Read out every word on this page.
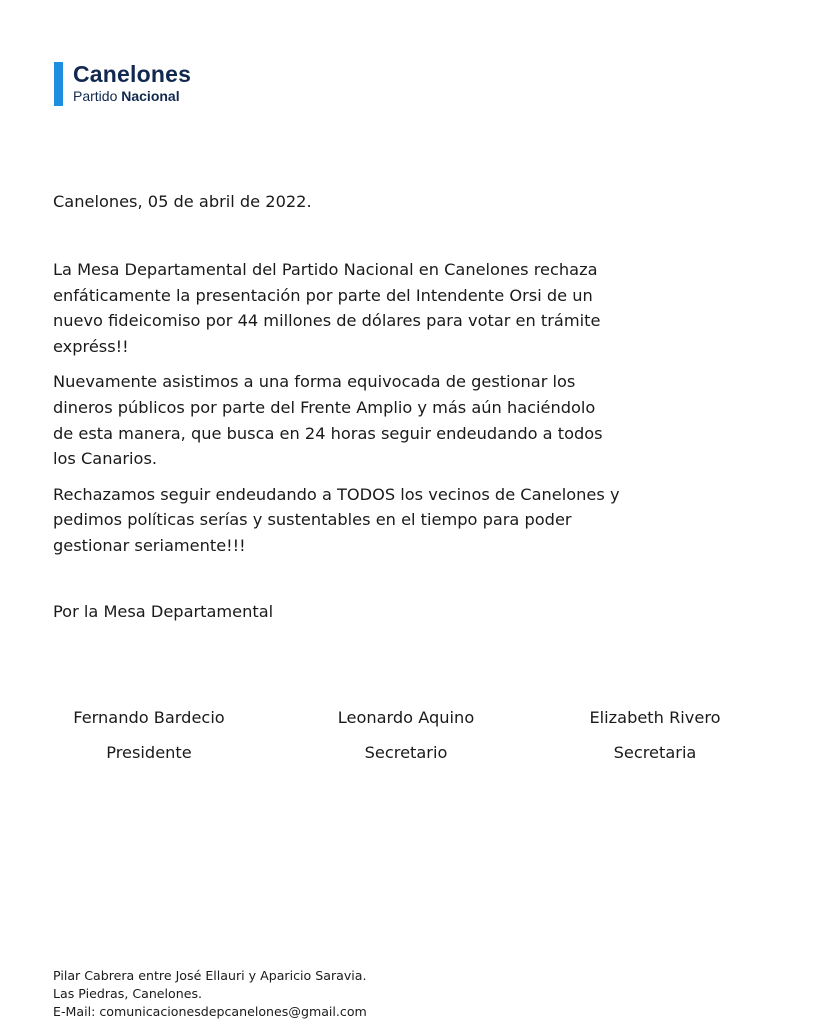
Canelones
Partido Nacional
Canelones, 05 de abril de 2022.

La Mesa Departamental del Partido Nacional en Canelones rechaza
enfáticamente la presentación por parte del Intendente Orsi de un
nuevo fideicomiso por 44 millones de dólares para votar en trámite
expréss!!

Nuevamente asistimos a una forma equivocada de gestionar los
dineros públicos por parte del Frente Amplio y más aún haciéndolo
de esta manera, que busca en 24 horas seguir endeudando a todos
los Canarios.

Rechazamos seguir endeudando a TODOS los vecinos de Canelones y
pedimos políticas serías y sustentables en el tiempo para poder
gestionar seriamente!!!

Por la Mesa Departamental
Fernando Bardecio
Presidente
Leonardo Aquino
Secretario
Elizabeth Rivero
Secretaria
Pilar Cabrera entre José Ellauri y Aparicio Saravia.
Las Piedras, Canelones.
E-Mail: comunicacionesdepcanelones@gmail.com
